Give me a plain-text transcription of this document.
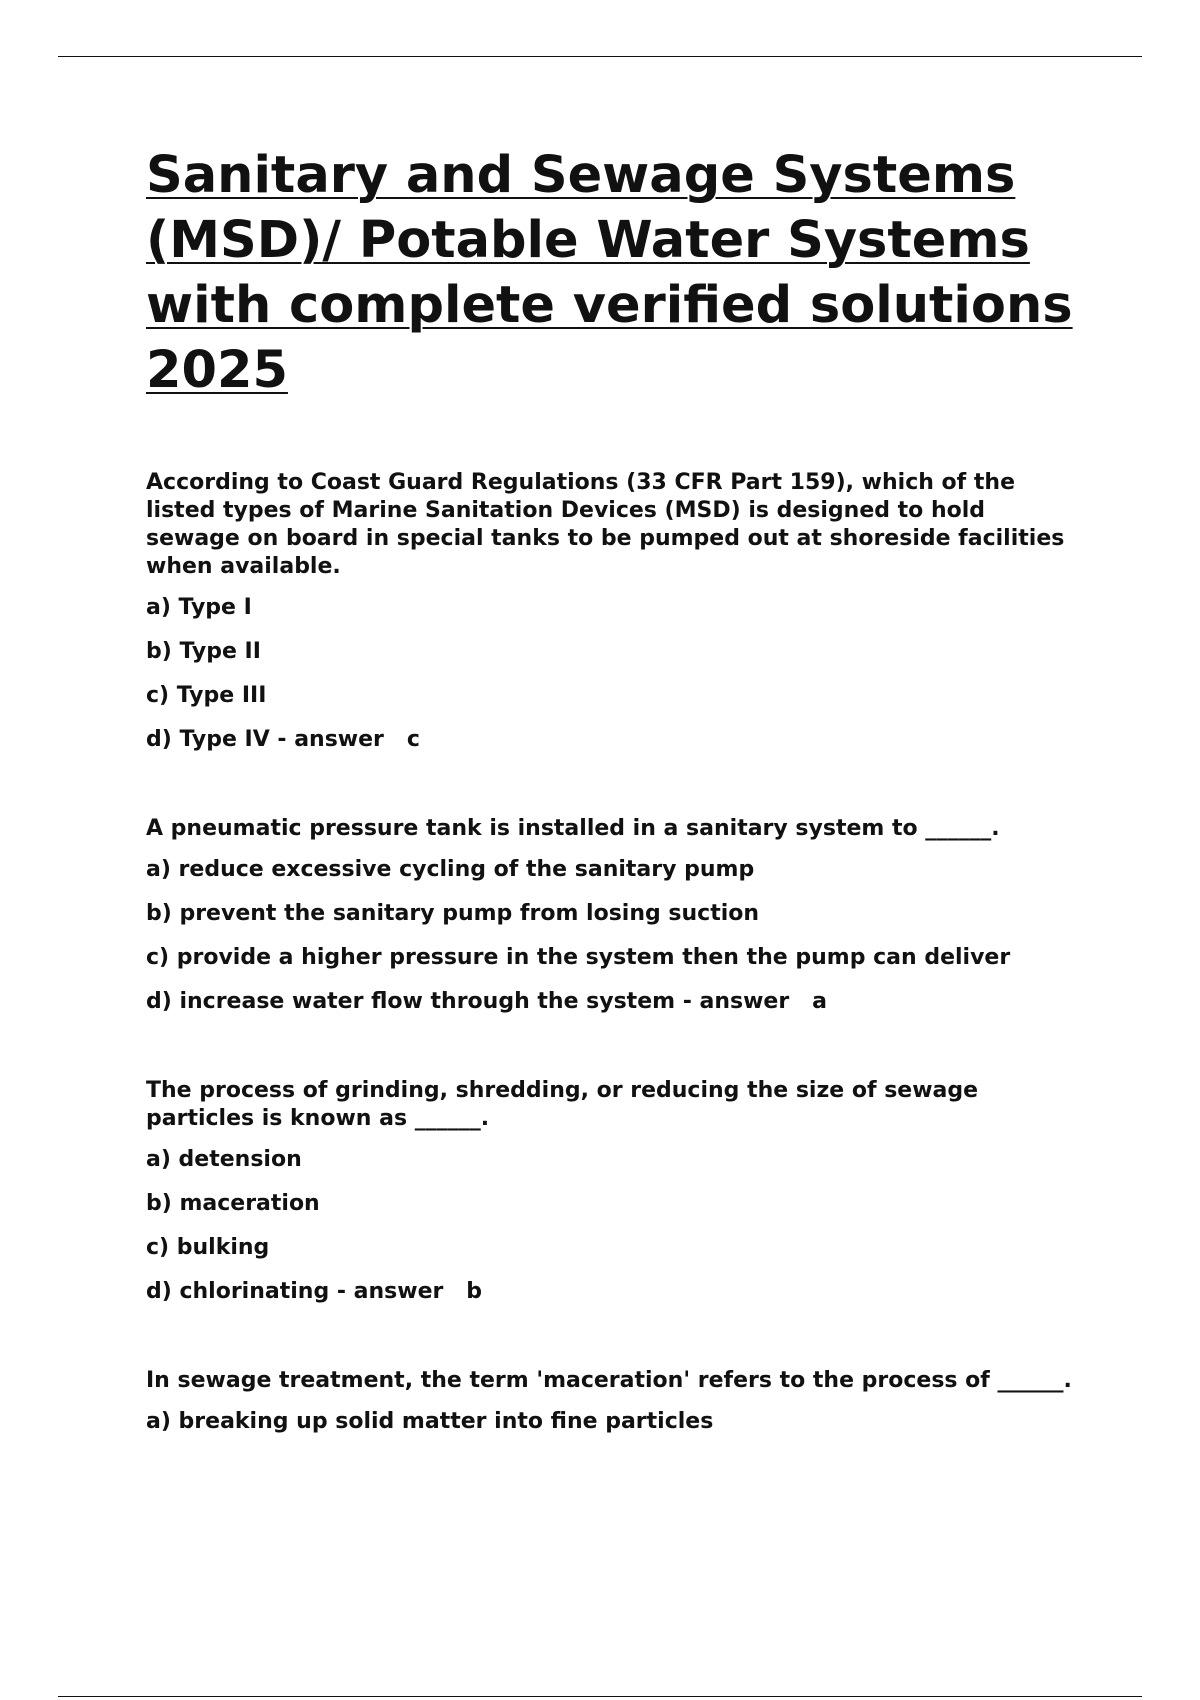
Sanitary and Sewage Systems (MSD)/ Potable Water Systems with complete verified solutions 2025

According to Coast Guard Regulations (33 CFR Part 159), which of the listed types of Marine Sanitation Devices (MSD) is designed to hold sewage on board in special tanks to be pumped out at shoreside facilities when available.

a) Type I

b) Type II

c) Type III

d) Type IV - answer   c

A pneumatic pressure tank is installed in a sanitary system to ______.

a) reduce excessive cycling of the sanitary pump

b) prevent the sanitary pump from losing suction

c) provide a higher pressure in the system then the pump can deliver

d) increase water flow through the system - answer   a

The process of grinding, shredding, or reducing the size of sewage particles is known as ______.

a) detension

b) maceration

c) bulking

d) chlorinating - answer   b

In sewage treatment, the term 'maceration' refers to the process of ______.

a) breaking up solid matter into fine particles
